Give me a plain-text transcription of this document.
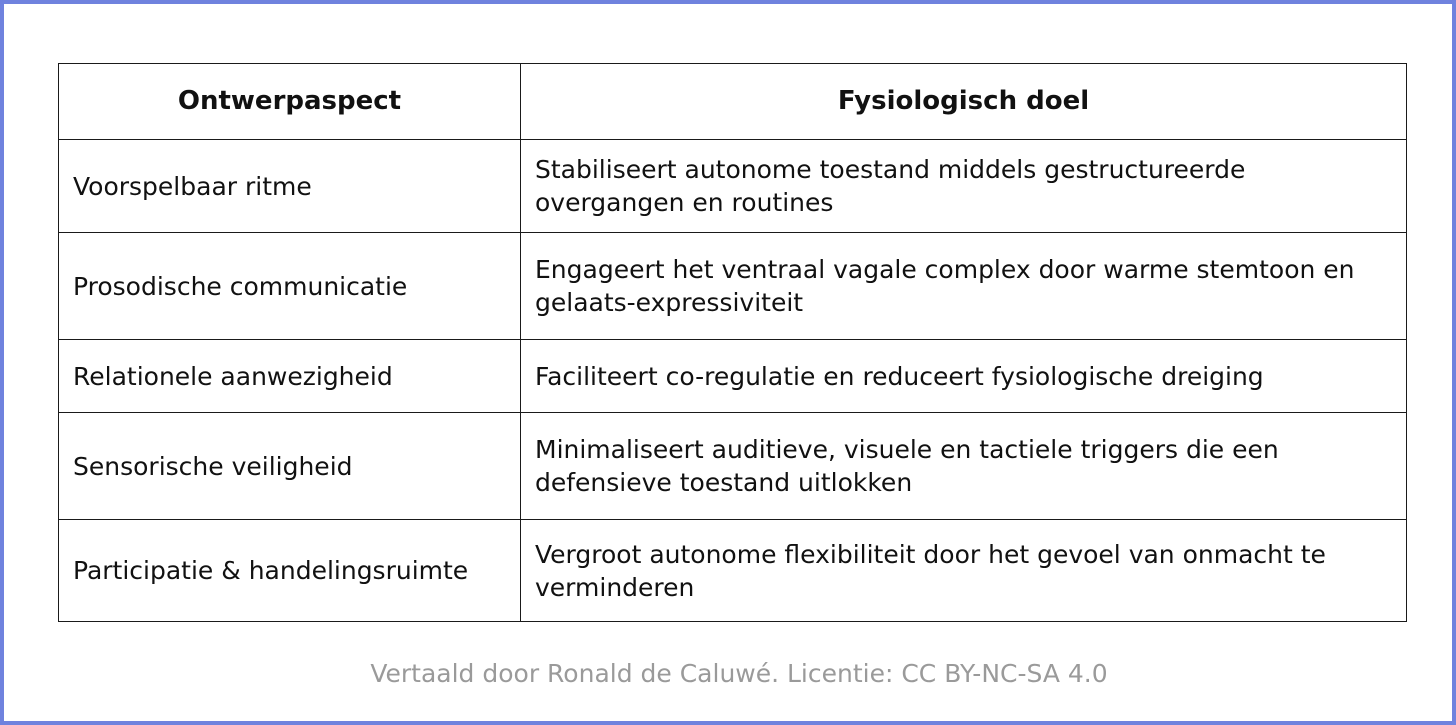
Ontwerpaspect	Fysiologisch doel
Voorspelbaar ritme	Stabiliseert autonome toestand middels gestructureerde overgangen en routines
Prosodische communicatie	Engageert het ventraal vagale complex door warme stemtoon en gelaats-expressiviteit
Relationele aanwezigheid	Faciliteert co-regulatie en reduceert fysiologische dreiging
Sensorische veiligheid	Minimaliseert auditieve, visuele en tactiele triggers die een defensieve toestand uitlokken
Participatie & handelingsruimte	Vergroot autonome flexibiliteit door het gevoel van onmacht te verminderen
Vertaald door Ronald de Caluwé. Licentie: CC BY-NC-SA 4.0
